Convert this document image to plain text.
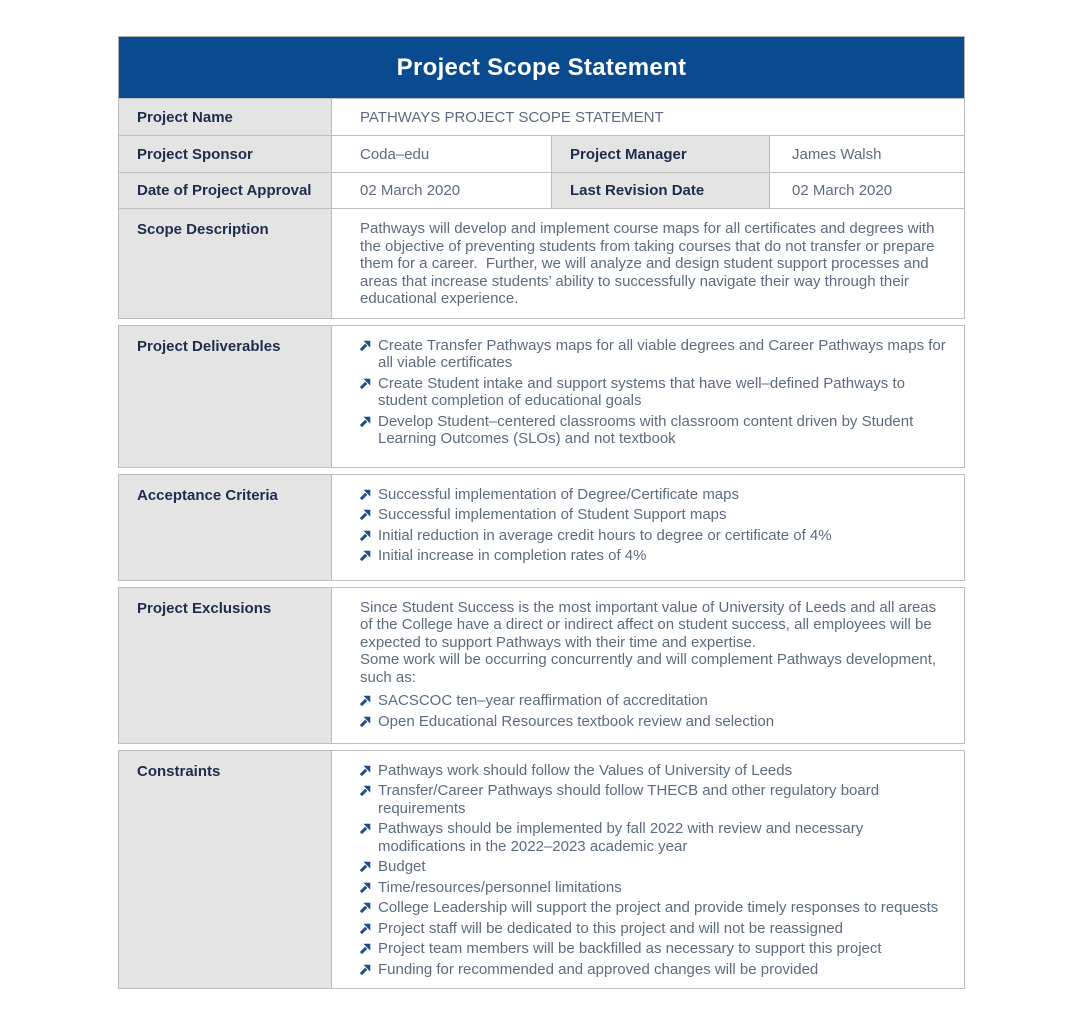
Project Scope Statement
Project Name	PATHWAYS PROJECT SCOPE STATEMENT
Project Sponsor	Coda–edu	Project Manager	James Walsh
Date of Project Approval	02 March 2020	Last Revision Date	02 March 2020
Scope Description	Pathways will develop and implement course maps for all certificates and degrees with the objective of preventing students from taking courses that do not transfer or prepare them for a career.  Further, we will analyze and design student support processes and areas that increase students’ ability to successfully navigate their way through their educational experience.

Project Deliverables	Create Transfer Pathways maps for all viable degrees and Career Pathways maps for all viable certificates
Create Student intake and support systems that have well–defined Pathways to student completion of educational goals
Develop Student–centered classrooms with classroom content driven by Student Learning Outcomes (SLOs) and not textbook
Acceptance Criteria	Successful implementation of Degree/Certificate maps
Successful implementation of Student Support maps
Initial reduction in average credit hours to degree or certificate of 4%
Initial increase in completion rates of 4%
Project Exclusions	Since Student Success is the most important value of University of Leeds and all areas of the College have a direct or indirect affect on student success, all employees will be expected to support Pathways with their time and expertise.

Some work will be occurring concurrently and will complement Pathways development, such as:

SACSCOC ten–year reaffirmation of accreditation
Open Educational Resources textbook review and selection
Constraints	Pathways work should follow the Values of University of Leeds
Transfer/Career Pathways should follow THECB and other regulatory board requirements
Pathways should be implemented by fall 2022 with review and necessary modifications in the 2022–2023 academic year
Budget
Time/resources/personnel limitations
College Leadership will support the project and provide timely responses to requests
Project staff will be dedicated to this project and will not be reassigned
Project team members will be backfilled as necessary to support this project
Funding for recommended and approved changes will be provided
